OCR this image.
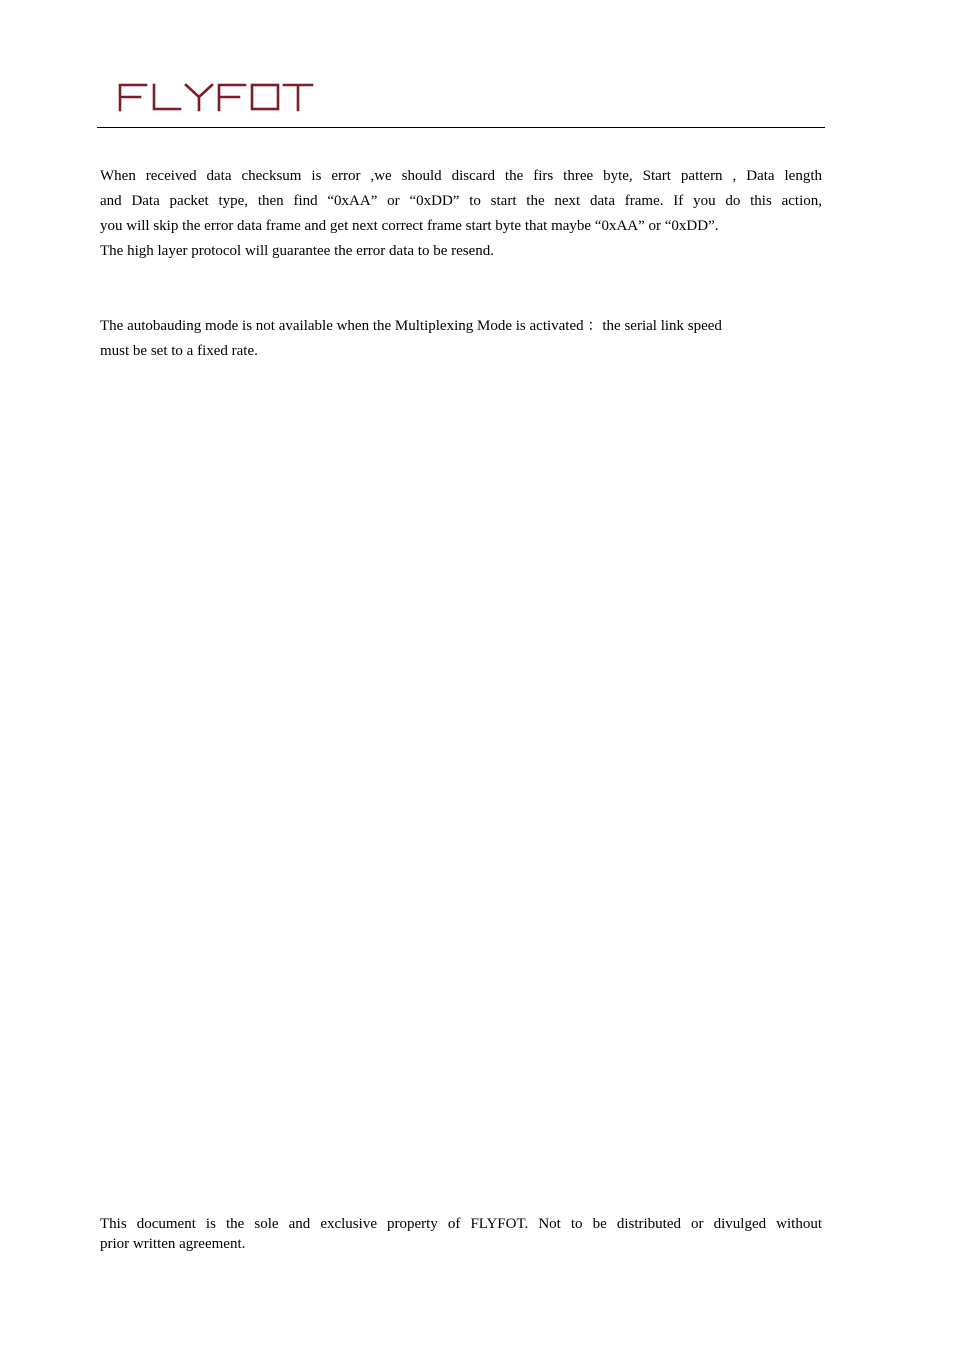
When received data checksum is error ,we should discard the firs three byte, Start pattern , Data length
and Data packet type, then find “0xAA” or “0xDD” to start the next data frame. If you do this action,
you will skip the error data frame and get next correct frame start byte that maybe “0xAA” or “0xDD”.
The high layer protocol will guarantee the error data to be resend.
The autobauding mode is not available when the Multiplexing Mode is activated ：the serial link speed
must be set to a fixed rate.
This document is the sole and exclusive property of FLYFOT. Not to be distributed or divulged without
prior written agreement.
